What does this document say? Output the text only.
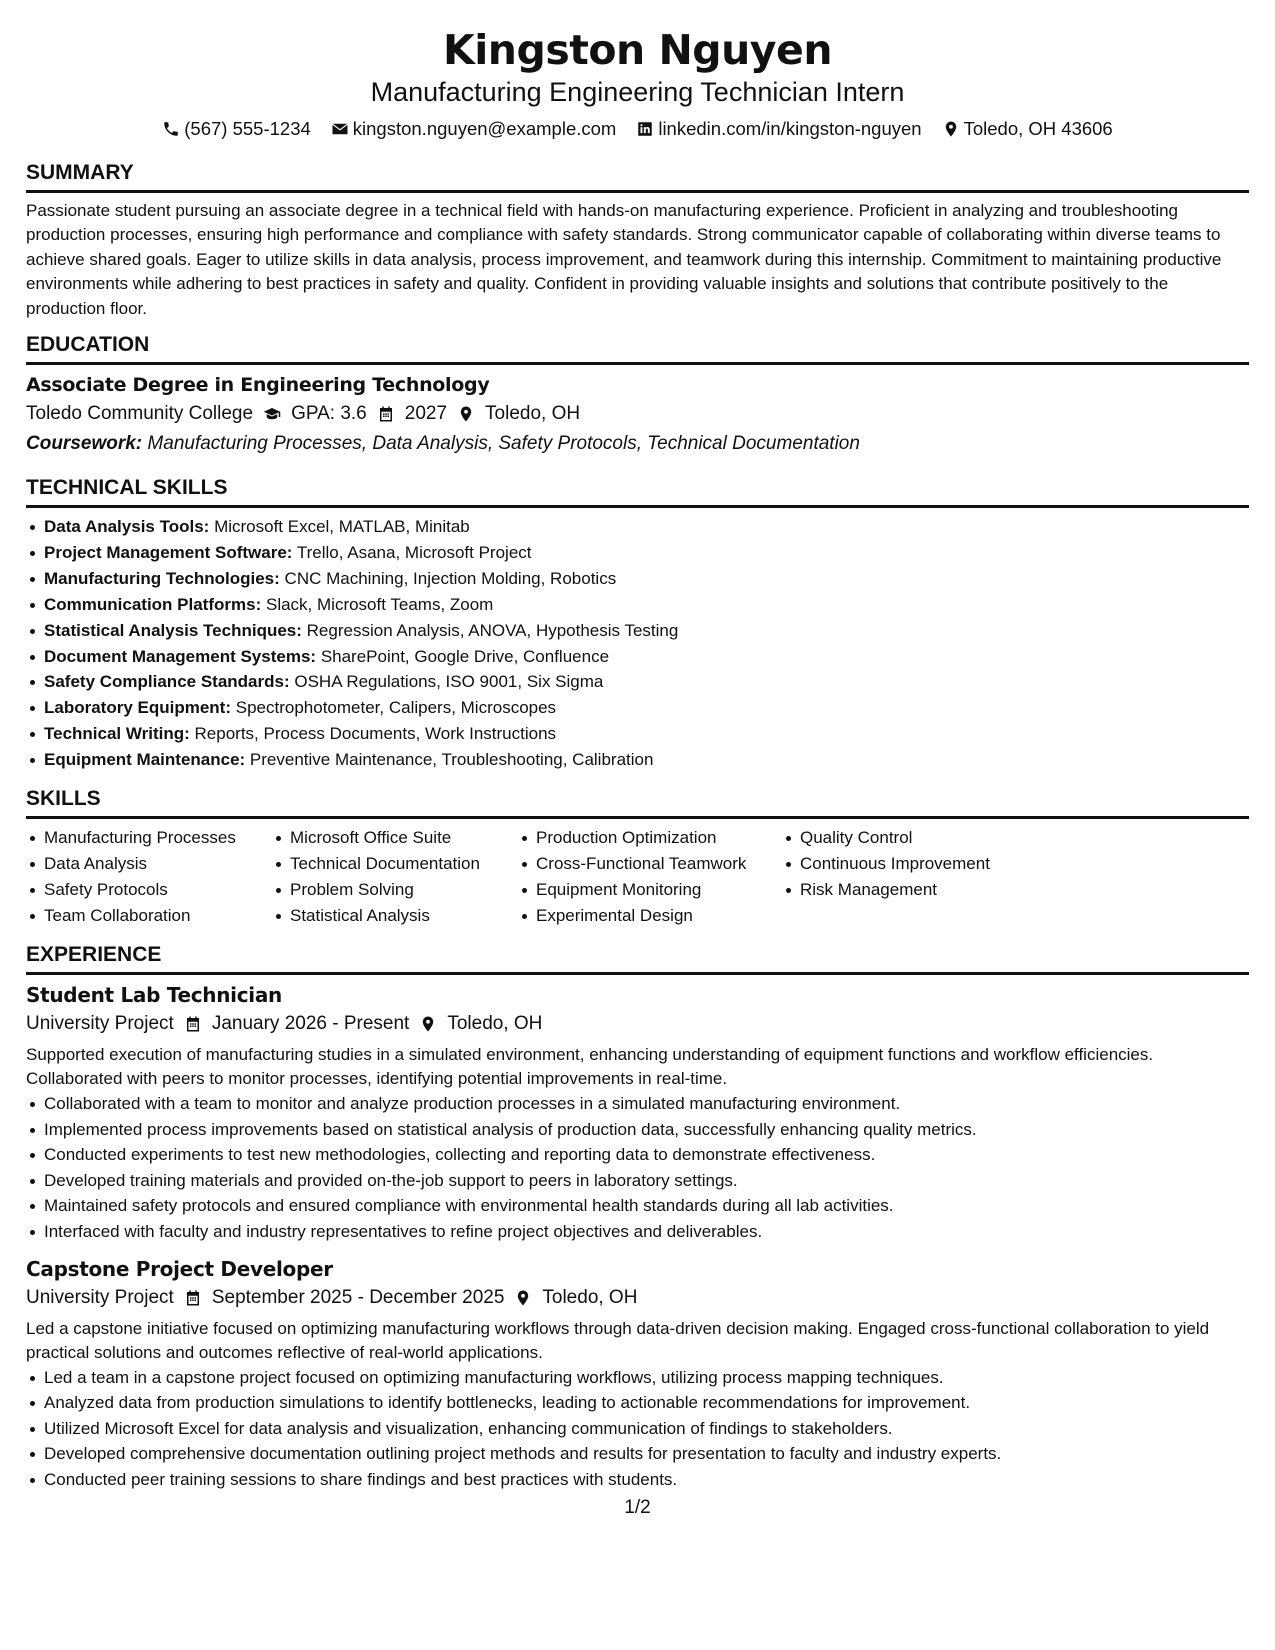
Kingston Nguyen
Manufacturing Engineering Technician Intern
(567) 555-1234 kingston.nguyen@example.com linkedin.com/in/kingston-nguyen Toledo, OH 43606
SUMMARY

Passionate student pursuing an associate degree in a technical field with hands-on manufacturing experience. Proficient in analyzing and troubleshooting production processes, ensuring high performance and compliance with safety standards. Strong communicator capable of collaborating within diverse teams to achieve shared goals. Eager to utilize skills in data analysis, process improvement, and teamwork during this internship. Commitment to maintaining productive environments while adhering to best practices in safety and quality. Confident in providing valuable insights and solutions that contribute positively to the production floor.

EDUCATION
Associate Degree in Engineering Technology
Toledo Community College GPA: 3.6 2027 Toledo, OH
Coursework: Manufacturing Processes, Data Analysis, Safety Protocols, Technical Documentation
TECHNICAL SKILLS
Data Analysis Tools: Microsoft Excel, MATLAB, Minitab
Project Management Software: Trello, Asana, Microsoft Project
Manufacturing Technologies: CNC Machining, Injection Molding, Robotics
Communication Platforms: Slack, Microsoft Teams, Zoom
Statistical Analysis Techniques: Regression Analysis, ANOVA, Hypothesis Testing
Document Management Systems: SharePoint, Google Drive, Confluence
Safety Compliance Standards: OSHA Regulations, ISO 9001, Six Sigma
Laboratory Equipment: Spectrophotometer, Calipers, Microscopes
Technical Writing: Reports, Process Documents, Work Instructions
Equipment Maintenance: Preventive Maintenance, Troubleshooting, Calibration
SKILLS
Manufacturing Processes
Data Analysis
Safety Protocols
Team Collaboration
Microsoft Office Suite
Technical Documentation
Problem Solving
Statistical Analysis
Production Optimization
Cross-Functional Teamwork
Equipment Monitoring
Experimental Design
Quality Control
Continuous Improvement
Risk Management
EXPERIENCE
Student Lab Technician
University Project January 2026 - Present Toledo, OH
Supported execution of manufacturing studies in a simulated environment, enhancing understanding of equipment functions and workflow efficiencies. Collaborated with peers to monitor processes, identifying potential improvements in real-time.
Collaborated with a team to monitor and analyze production processes in a simulated manufacturing environment.
Implemented process improvements based on statistical analysis of production data, successfully enhancing quality metrics.
Conducted experiments to test new methodologies, collecting and reporting data to demonstrate effectiveness.
Developed training materials and provided on-the-job support to peers in laboratory settings.
Maintained safety protocols and ensured compliance with environmental health standards during all lab activities.
Interfaced with faculty and industry representatives to refine project objectives and deliverables.
Capstone Project Developer
University Project September 2025 - December 2025 Toledo, OH
Led a capstone initiative focused on optimizing manufacturing workflows through data-driven decision making. Engaged cross-functional collaboration to yield practical solutions and outcomes reflective of real-world applications.
Led a team in a capstone project focused on optimizing manufacturing workflows, utilizing process mapping techniques.
Analyzed data from production simulations to identify bottlenecks, leading to actionable recommendations for improvement.
Utilized Microsoft Excel for data analysis and visualization, enhancing communication of findings to stakeholders.
Developed comprehensive documentation outlining project methods and results for presentation to faculty and industry experts.
Conducted peer training sessions to share findings and best practices with students.
1/2
